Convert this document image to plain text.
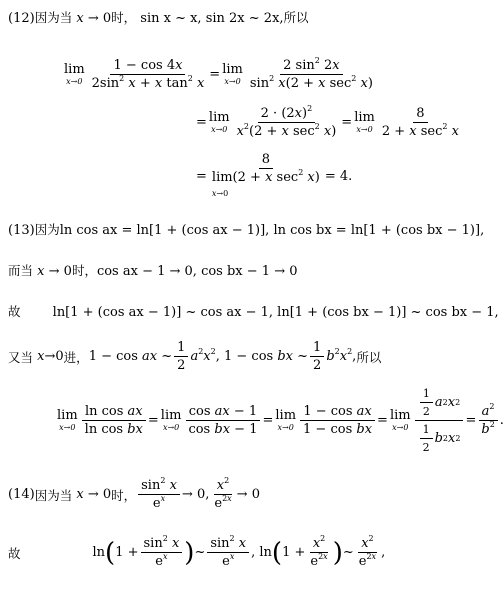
(12)因为当 x → 0时， sin x ~ x, sin 2x ~ 2x,所以
lim
$x\to 0 \frac{1 - \cos 4x}{2\sin^2 x + x \tan^2 x} = \lim$
$x\to 0 \frac{2 \sin^2 2x}{\sin^2 x(2 + x \sec^2 x)}$
= lim
$x\to 0 \frac{2 \cdot (2x)^2}{x^2(2 + x \sec^2 x)} = \lim$
$x\to 0 \frac{8}{2 + x \sec^2 x}$
=
8
lim(2 + x $\sec^2 x$)
x→0
= 4.
(13)因为ln cos ax = ln[1 + (cos ax − 1)], ln cos bx = ln[1 + (cos bx − 1)],
而当 x → 0时，cos ax − 1 → 0, cos bx − 1 → 0
故 ln[1 + (cos ax − 1)] ~ cos ax − 1, ln[1 + (cos bx − 1)] ~ cos bx − 1,
又当 x→0 进， 1 − cos ax ~ $\frac{1}{2} a^2x^2$, 1 − cos bx ~ $\frac{1}{2} b^2x^2$, 所以
lim
$x\to 0 \frac{\text{ln cos ax}}{\text{ln cos bx}} = \lim$
$x\to 0 \frac{\text{cos ax − 1}}{\text{cos bx − 1}} = \lim$
$x\to 0 \frac{\text{1 − cos ax}}{\text{1 − cos bx}} = \lim$
$x\to 0 \frac{\frac{1}{2} a 2 x 2}{\frac{1}{2} b 2 x 2} = \frac{a^2}{b^2}$ .
(14) 因为当 x → 0 时， $\frac{\sin^2 x}{e^x} \to 0$, $\frac{x^2}{e^{2x}} \to 0$
故	ln ( $1 + \frac{\sin^2 x}{e^x}$ ) ~ $\frac{\sin^2 x}{e^x}$ , ln ( $1 + \frac{x^2}{e^{2x}}$ ) ~ $\frac{x^2}{e^{2x}}$ ,
